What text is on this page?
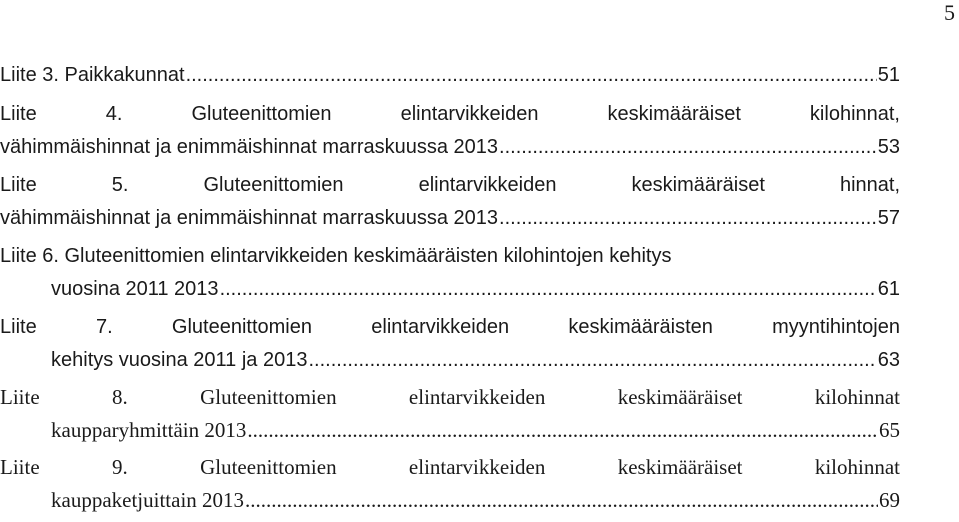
5
Liite 3. Paikkakunnat .....	51
Liite 4. Gluteenittomien elintarvikkeiden keskimääräiset kilohinnat,
vähimmäishinnat ja enimmäishinnat marraskuussa 2013 .....	53
Liite 5. Gluteenittomien elintarvikkeiden keskimääräiset hinnat,
vähimmäishinnat ja enimmäishinnat marraskuussa 2013 .....	57
Liite 6. Gluteenittomien elintarvikkeiden keskimääräisten kilohintojen kehitys
vuosina 2011 2013 .....	61
Liite 7. Gluteenittomien elintarvikkeiden keskimääräisten myyntihintojen
kehitys vuosina 2011 ja 2013 .....	63
Liite 8. Gluteenittomien elintarvikkeiden keskimääräiset kilohinnat
kaupparyhmittäin 2013 .....	65
Liite 9. Gluteenittomien elintarvikkeiden keskimääräiset kilohinnat
kauppaketjuittain 2013 .....	69
